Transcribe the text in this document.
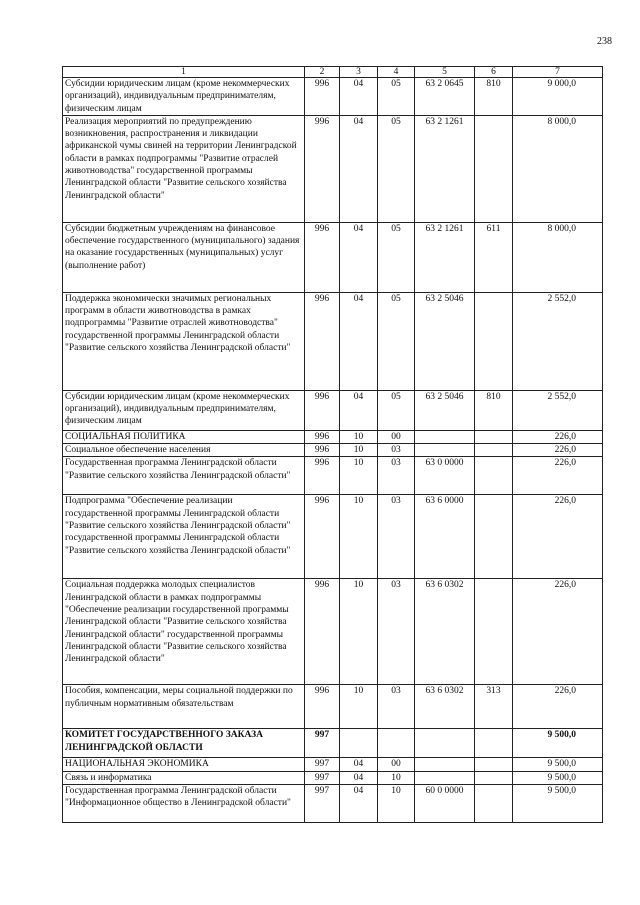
238
1	2	3	4	5	6	7
Субсидии юридическим лицам (кроме некоммерческих организаций), индивидуальным предпринимателям, физическим лицам	996	04	05	63 2 0645	810	9 000,0
Реализация мероприятий по предупреждению возникновения, распространения и ликвидации африканской чумы свиней на территории Ленинградской области в рамках подпрограммы "Развитие отраслей животноводства" государственной программы Ленинградской области "Развитие сельского хозяйства Ленинградской области"	996	04	05	63 2 1261		8 000,0
Субсидии бюджетным учреждениям на финансовое обеспечение государственного (муниципального) задания на оказание государственных (муниципальных) услуг (выполнение работ)	996	04	05	63 2 1261	611	8 000,0
Поддержка экономически значимых региональных программ в области животноводства в рамках подпрограммы "Развитие отраслей животноводства" государственной программы Ленинградской области "Развитие сельского хозяйства Ленинградской области"	996	04	05	63 2 5046		2 552,0
Субсидии юридическим лицам (кроме некоммерческих организаций), индивидуальным предпринимателям, физическим лицам	996	04	05	63 2 5046	810	2 552,0
СОЦИАЛЬНАЯ ПОЛИТИКА	996	10	00			226,0
Социальное обеспечение населения	996	10	03			226,0
Государственная программа Ленинградской области "Развитие сельского хозяйства Ленинградской области"	996	10	03	63 0 0000		226,0
Подпрограмма "Обеспечение реализации государственной программы Ленинградской области "Развитие сельского хозяйства Ленинградской области" государственной программы Ленинградской области "Развитие сельского хозяйства Ленинградской области"	996	10	03	63 6 0000		226,0
Социальная поддержка молодых специалистов Ленинградской области в рамках подпрограммы "Обеспечение реализации государственной программы Ленинградской области "Развитие сельского хозяйства Ленинградской области" государственной программы Ленинградской области "Развитие сельского хозяйства Ленинградской области"	996	10	03	63 6 0302		226,0
Пособия, компенсации, меры социальной поддержки по публичным нормативным обязательствам	996	10	03	63 6 0302	313	226,0
КОМИТЕТ ГОСУДАРСТВЕННОГО ЗАКАЗА ЛЕНИНГРАДСКОЙ ОБЛАСТИ	997					9 500,0
НАЦИОНАЛЬНАЯ ЭКОНОМИКА	997	04	00			9 500,0
Связь и информатика	997	04	10			9 500,0
Государственная программа Ленинградской области "Информационное общество в Ленинградской области"	997	04	10	60 0 0000		9 500,0
